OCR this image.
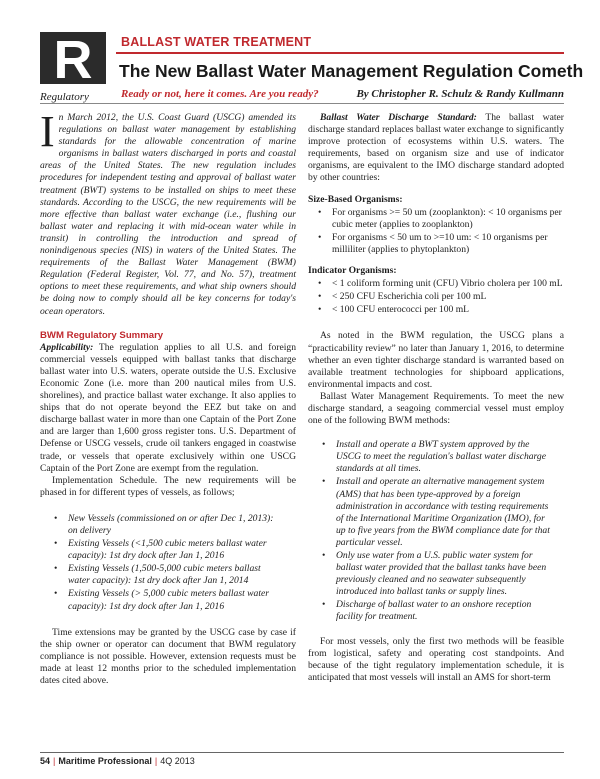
R	BALLAST WATER TREATMENT
The New Ballast Water Management Regulation Cometh
Regulatory	Ready or not, here it comes. Are you ready?	By Christopher R. Schulz & Randy Kullmann

In March 2012, the U.S. Coast Guard (USCG) amended its regulations on ballast water management by establishing standards for the allowable concentration of marine organisms in ballast waters discharged in ports and coastal areas of the United States. The new regulation includes procedures for independent testing and approval of ballast water treatment (BWT) systems to be installed on ships to meet these standards. According to the USCG, the new requirements will be more effective than ballast water exchange (i.e., flushing our ballast water and replacing it with mid-ocean water while in transit) in controlling the introduction and spread of nonindigenous species (NIS) in waters of the United States. The requirements of the Ballast Water Management (BWM) Regulation (Federal Register, Vol. 77, and No. 57), treatment options to meet these requirements, and what ship owners should be doing now to comply should all be key concerns for today's ocean operators.

BWM Regulatory Summary

Applicability: The regulation applies to all U.S. and foreign commercial vessels equipped with ballast tanks that discharge ballast water into U.S. waters, operate outside the U.S. Exclusive Economic Zone (i.e. more than 200 nautical miles from U.S. shorelines), and practice ballast water exchange. It also applies to ships that do not operate beyond the EEZ but take on and discharge ballast water in more than one Captain of the Port Zone and are larger than 1,600 gross register tons. U.S. Department of Defense or USCG vessels, crude oil tankers engaged in coastwise trade, or vessels that operate exclusively within one USCG Captain of the Port Zone are exempt from the regulation.

Implementation Schedule. The new requirements will be phased in for different types of vessels, as follows;

• New Vessels (commissioned on or after Dec 1, 2013): on delivery
• Existing Vessels (<1,500 cubic meters ballast water capacity): 1st dry dock after Jan 1, 2016
• Existing Vessels (1,500-5,000 cubic meters ballast water capacity): 1st dry dock after Jan 1, 2014
• Existing Vessels (> 5,000 cubic meters ballast water capacity): 1st dry dock after Jan 1, 2016

Time extensions may be granted by the USCG case by case if the ship owner or operator can document that BWM regulatory compliance is not possible. However, extension requests must be made at least 12 months prior to the scheduled implementation dates cited above.

Ballast Water Discharge Standard: The ballast water discharge standard replaces ballast water exchange to significantly improve protection of ecosystems within U.S. waters. The requirements, based on organism size and use of indicator organisms, are equivalent to the IMO discharge standard adopted by other countries:

Size-Based Organisms:

• For organisms >= 50 um (zooplankton): < 10 organisms per cubic meter (applies to zooplankton)
• For organisms < 50 um to >=10 um: < 10 organisms per milliliter (applies to phytoplankton)

Indicator Organisms:

• < 1 coliform forming unit (CFU) Vibrio cholera per 100 mL
• < 250 CFU Escherichia coli per 100 mL
• < 100 CFU enterococci per 100 mL

As noted in the BWM regulation, the USCG plans a “practicability review” no later than January 1, 2016, to determine whether an even tighter discharge standard is warranted based on available treatment technologies for shipboard applications, environmental impacts and cost.

Ballast Water Management Requirements. To meet the new discharge standard, a seagoing commercial vessel must employ one of the following BWM methods:

• Install and operate a BWT system approved by the USCG to meet the regulation's ballast water discharge standards at all times.
• Install and operate an alternative management system (AMS) that has been type-approved by a foreign administration in accordance with testing requirements of the International Maritime Organization (IMO), for up to five years from the BWM compliance date for that particular vessel.
• Only use water from a U.S. public water system for ballast water provided that the ballast tanks have been previously cleaned and no seawater subsequently introduced into ballast tanks or supply lines.
• Discharge of ballast water to an onshore reception facility for treatment.

For most vessels, only the first two methods will be feasible from logistical, safety and operating cost standpoints. And because of the tight regulatory implementation schedule, it is anticipated that most vessels will install an AMS for short-term

54 | Maritime Professional | 4Q 2013
